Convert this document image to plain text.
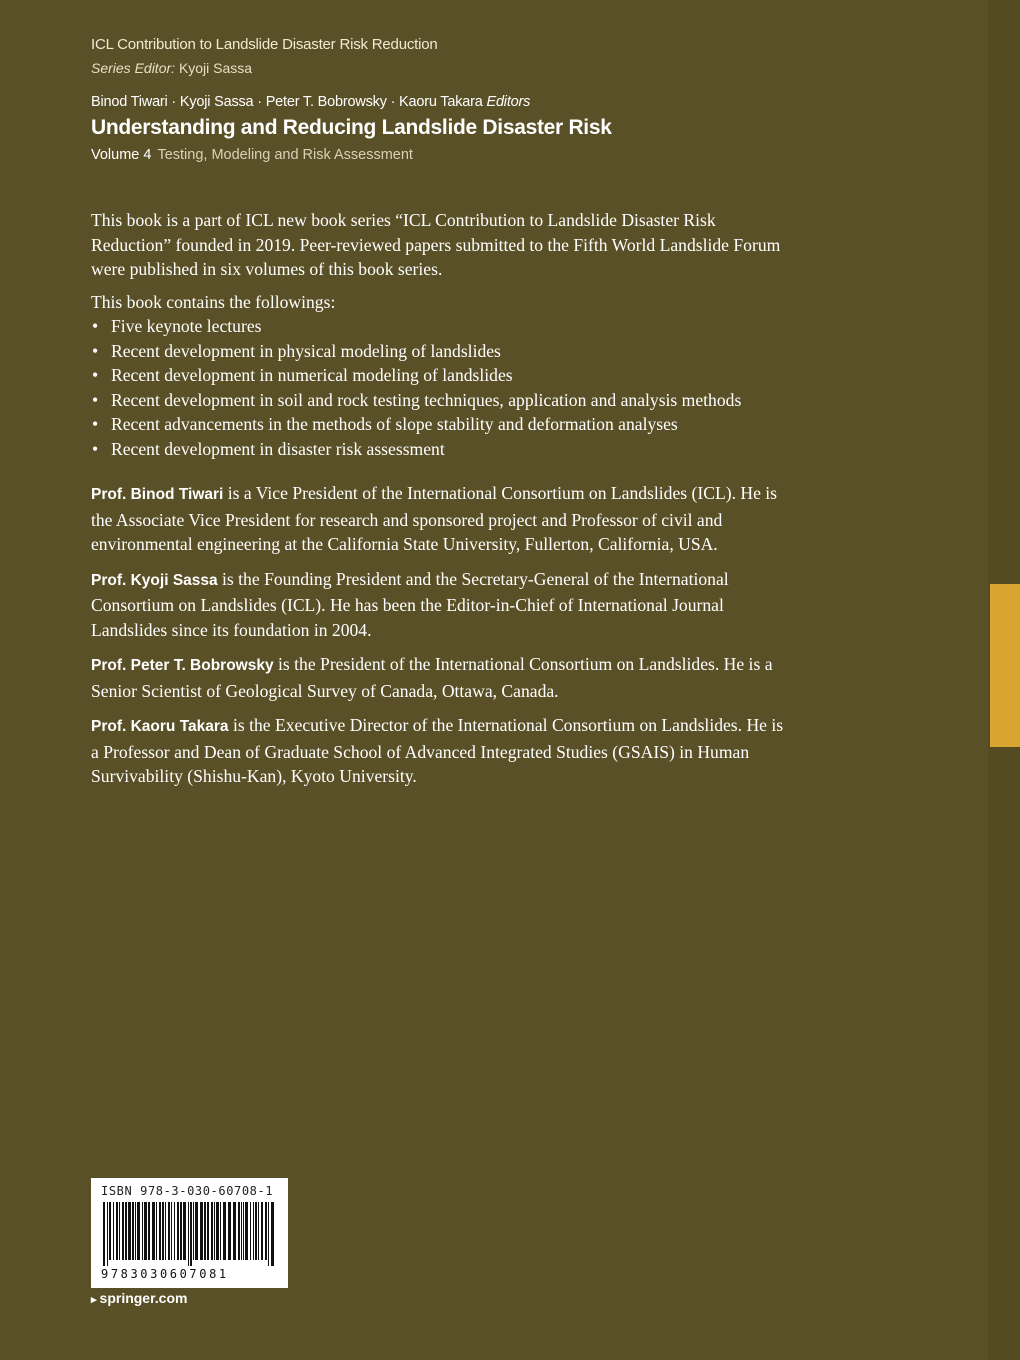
ICL Contribution to Landslide Disaster Risk Reduction
Series Editor: Kyoji Sassa
Binod Tiwari · Kyoji Sassa · Peter T. Bobrowsky · Kaoru Takara Editors
Understanding and Reducing Landslide Disaster Risk
Volume 4 Testing, Modeling and Risk Assessment

This book is a part of ICL new book series “ICL Contribution to Landslide Disaster Risk Reduction” founded in 2019. Peer-reviewed papers submitted to the Fifth World Landslide Forum were published in six volumes of this book series.

This book contains the followings:

• Five keynote lectures
• Recent development in physical modeling of landslides
• Recent development in numerical modeling of landslides
• Recent development in soil and rock testing techniques, application and analysis methods
• Recent advancements in the methods of slope stability and deformation analyses
• Recent development in disaster risk assessment

Prof. Binod Tiwari is a Vice President of the International Consortium on Landslides (ICL). He is the Associate Vice President for research and sponsored project and Professor of civil and environmental engineering at the California State University, Fullerton, California, USA.

Prof. Kyoji Sassa is the Founding President and the Secretary-General of the International Consortium on Landslides (ICL). He has been the Editor-in-Chief of International Journal Landslides since its foundation in 2004.

Prof. Peter T. Bobrowsky is the President of the International Consortium on Landslides. He is a Senior Scientist of Geological Survey of Canada, Ottawa, Canada.

Prof. Kaoru Takara is the Executive Director of the International Consortium on Landslides. He is a Professor and Dean of Graduate School of Advanced Integrated Studies (GSAIS) in Human Survivability (Shishu-Kan), Kyoto University.

ISBN 978-3-030-60708-1
9783030607081
▸ springer.com
